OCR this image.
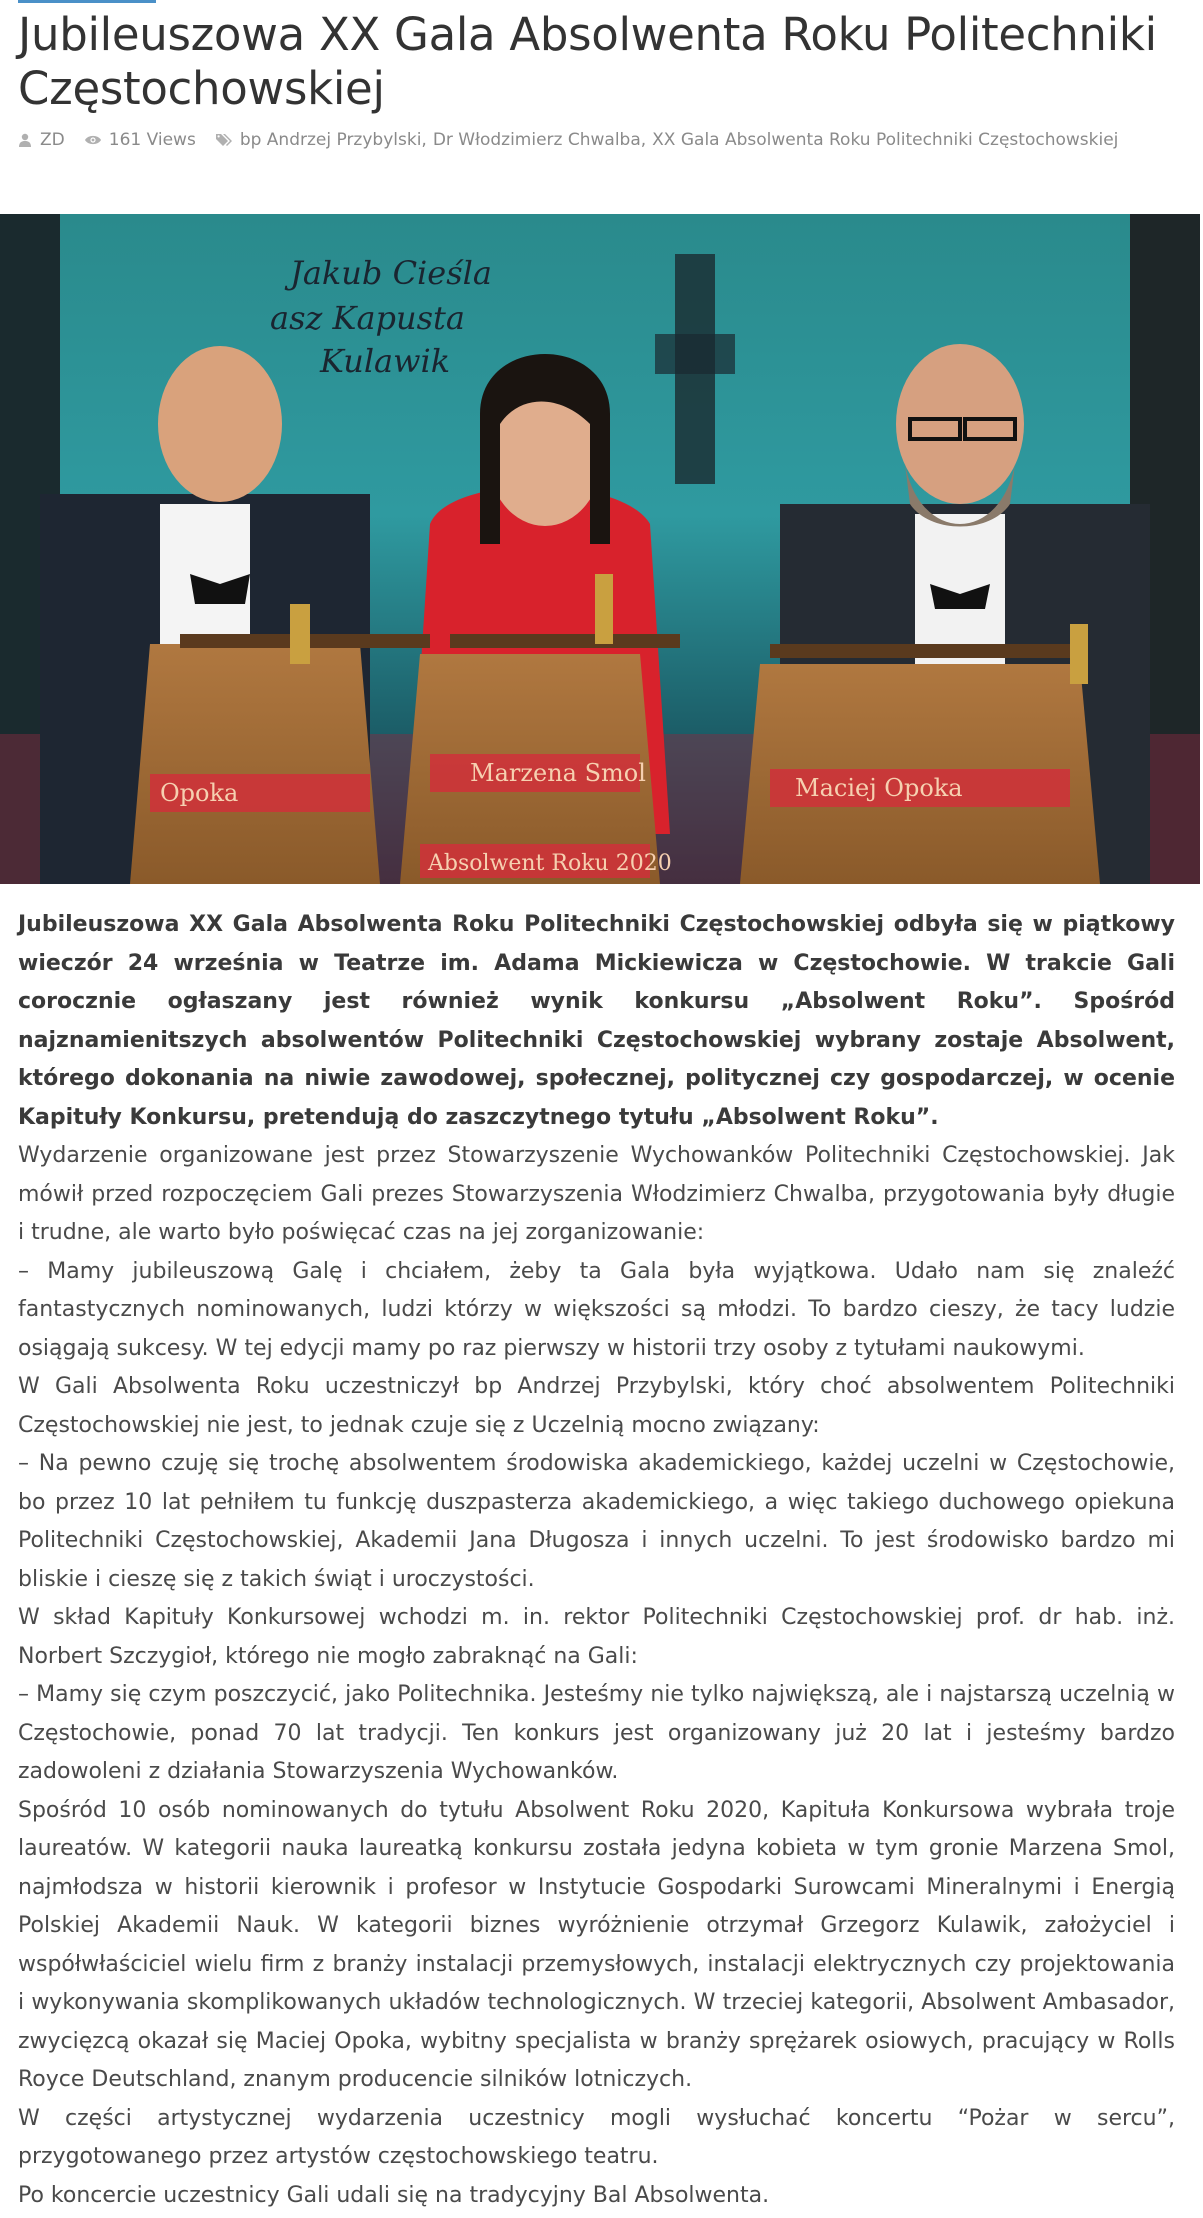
Jubileuszowa XX Gala Absolwenta Roku Politechniki Częstochowskiej
ZD	161 Views	bp Andrzej Przybylski , Dr Włodzimierz Chwalba , XX Gala Absolwenta Roku Politechniki Częstochowskiej
Jakub Cieśla
asz Kapusta
Kulawik
Marzena Smol
Absolwent Roku 2020
Maciej Opoka
Opoka

Jubileuszowa XX Gala Absolwenta Roku Politechniki Częstochowskiej odbyła się w piątkowy wieczór 24 września w Teatrze im. Adama Mickiewicza w Częstochowie. W trakcie Gali corocznie ogłaszany jest również wynik konkursu „Absolwent Roku”. Spośród najznamienitszych absolwentów Politechniki Częstochowskiej wybrany zostaje Absolwent, którego dokonania na niwie zawodowej, społecznej, politycznej czy gospodarczej, w ocenie Kapituły Konkursu, pretendują do zaszczytnego tytułu „Absolwent Roku”.

Wydarzenie organizowane jest przez Stowarzyszenie Wychowanków Politechniki Częstochowskiej. Jak mówił przed rozpoczęciem Gali prezes Stowarzyszenia Włodzimierz Chwalba, przygotowania były długie i trudne, ale warto było poświęcać czas na jej zorganizowanie:

– Mamy jubileuszową Galę i chciałem, żeby ta Gala była wyjątkowa. Udało nam się znaleźć fantastycznych nominowanych, ludzi którzy w większości są młodzi. To bardzo cieszy, że tacy ludzie osiągają sukcesy. W tej edycji mamy po raz pierwszy w historii trzy osoby z tytułami naukowymi.

W Gali Absolwenta Roku uczestniczył bp Andrzej Przybylski, który choć absolwentem Politechniki Częstochowskiej nie jest, to jednak czuje się z Uczelnią mocno związany:

– Na pewno czuję się trochę absolwentem środowiska akademickiego, każdej uczelni w Częstochowie, bo przez 10 lat pełniłem tu funkcję duszpasterza akademickiego, a więc takiego duchowego opiekuna Politechniki Częstochowskiej, Akademii Jana Długosza i innych uczelni. To jest środowisko bardzo mi bliskie i cieszę się z takich świąt i uroczystości.

W skład Kapituły Konkursowej wchodzi m. in. rektor Politechniki Częstochowskiej prof. dr hab. inż. Norbert Szczygioł, którego nie mogło zabraknąć na Gali:

– Mamy się czym poszczycić, jako Politechnika. Jesteśmy nie tylko największą, ale i najstarszą uczelnią w Częstochowie, ponad 70 lat tradycji. Ten konkurs jest organizowany już 20 lat i jesteśmy bardzo zadowoleni z działania Stowarzyszenia Wychowanków.

Spośród 10 osób nominowanych do tytułu Absolwent Roku 2020, Kapituła Konkursowa wybrała troje laureatów. W kategorii nauka laureatką konkursu została jedyna kobieta w tym gronie Marzena Smol, najmłodsza w historii kierownik i profesor w Instytucie Gospodarki Surowcami Mineralnymi i Energią Polskiej Akademii Nauk. W kategorii biznes wyróżnienie otrzymał Grzegorz Kulawik, założyciel i współwłaściciel wielu firm z branży instalacji przemysłowych, instalacji elektrycznych czy projektowania i wykonywania skomplikowanych układów technologicznych. W trzeciej kategorii, Absolwent Ambasador, zwycięzcą okazał się Maciej Opoka, wybitny specjalista w branży sprężarek osiowych, pracujący w Rolls Royce Deutschland, znanym producencie silników lotniczych.

W części artystycznej wydarzenia uczestnicy mogli wysłuchać koncertu “Pożar w sercu”, przygotowanego przez artystów częstochowskiego teatru.

Po koncercie uczestnicy Gali udali się na tradycyjny Bal Absolwenta.
